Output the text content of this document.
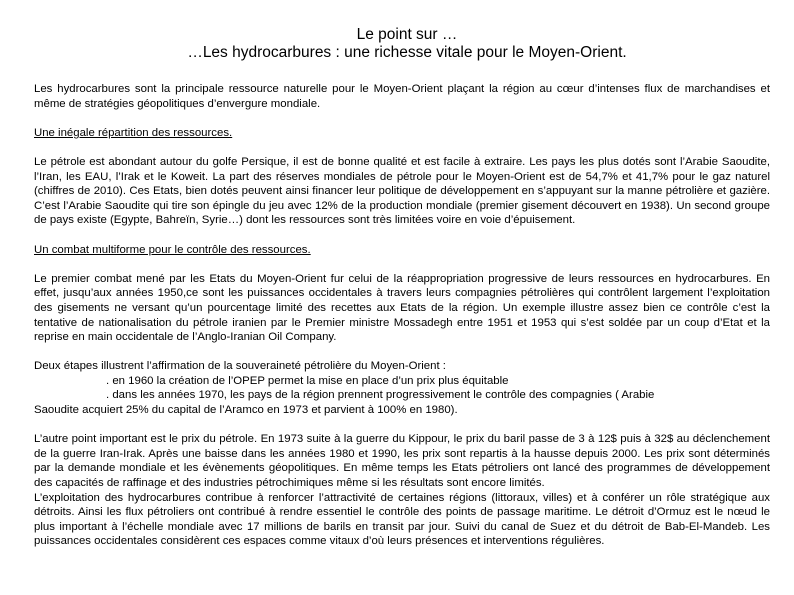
Le point sur …
…Les hydrocarbures : une richesse vitale pour le Moyen-Orient.

Les hydrocarbures sont la principale ressource naturelle pour le Moyen-Orient plaçant la région au cœur d’intenses flux de marchandises et même de stratégies géopolitiques d’envergure mondiale.

Une inégale répartition des ressources.

Le pétrole est abondant autour du golfe Persique, il est de bonne qualité et est facile à extraire. Les pays les plus dotés sont l’Arabie Saoudite, l’Iran, les EAU, l’Irak et le Koweit. La part des réserves mondiales de pétrole pour le Moyen-Orient est de 54,7% et 41,7% pour le gaz naturel (chiffres de 2010). Ces Etats, bien dotés peuvent ainsi financer leur politique de développement en s’appuyant sur la manne pétrolière et gazière. C’est l’Arabie Saoudite qui tire son épingle du jeu avec 12% de la production mondiale (premier gisement découvert en 1938). Un second groupe de pays existe (Egypte, Bahreïn, Syrie…) dont les ressources sont très limitées voire en voie d’épuisement.

Un combat multiforme pour le contrôle des ressources.

Le premier combat mené par les Etats du Moyen-Orient fur celui de la réappropriation progressive de leurs ressources en hydrocarbures. En effet, jusqu’aux années 1950,ce sont les puissances occidentales à travers leurs compagnies pétrolières qui contrôlent largement l’exploitation des gisements ne versant qu’un pourcentage limité des recettes aux Etats de la région. Un exemple illustre assez bien ce contrôle c’est la tentative de nationalisation du pétrole iranien par le Premier ministre Mossadegh entre 1951 et 1953 qui s’est soldée par un coup d’Etat et la reprise en main occidentale de l’Anglo-Iranian Oil Company.

Deux étapes illustrent l’affirmation de la souveraineté pétrolière du Moyen-Orient :

. en 1960 la création de l’OPEP permet la mise en place d’un prix plus équitable

. dans les années 1970, les pays de la région prennent progressivement le contrôle des compagnies ( Arabie

Saoudite acquiert 25% du capital de l’Aramco en 1973 et parvient à 100% en 1980).

L’autre point important est le prix du pétrole. En 1973 suite à la guerre du Kippour, le prix du baril passe de 3 à 12$ puis à 32$ au déclenchement de la guerre Iran-Irak. Après une baisse dans les années 1980 et 1990, les prix sont repartis à la hausse depuis 2000. Les prix sont déterminés par la demande mondiale et les évènements géopolitiques. En même temps les Etats pétroliers ont lancé des programmes de développement des capacités de raffinage et des industries pétrochimiques même si les résultats sont encore limités.

L’exploitation des hydrocarbures contribue à renforcer l’attractivité de certaines régions (littoraux, villes) et à conférer un rôle stratégique aux détroits. Ainsi les flux pétroliers ont contribué à rendre essentiel le contrôle des points de passage maritime. Le détroit d’Ormuz est le nœud le plus important à l’échelle mondiale avec 17 millions de barils en transit par jour. Suivi du canal de Suez et du détroit de Bab-El-Mandeb. Les puissances occidentales considèrent ces espaces comme vitaux d’où leurs présences et interventions régulières.
